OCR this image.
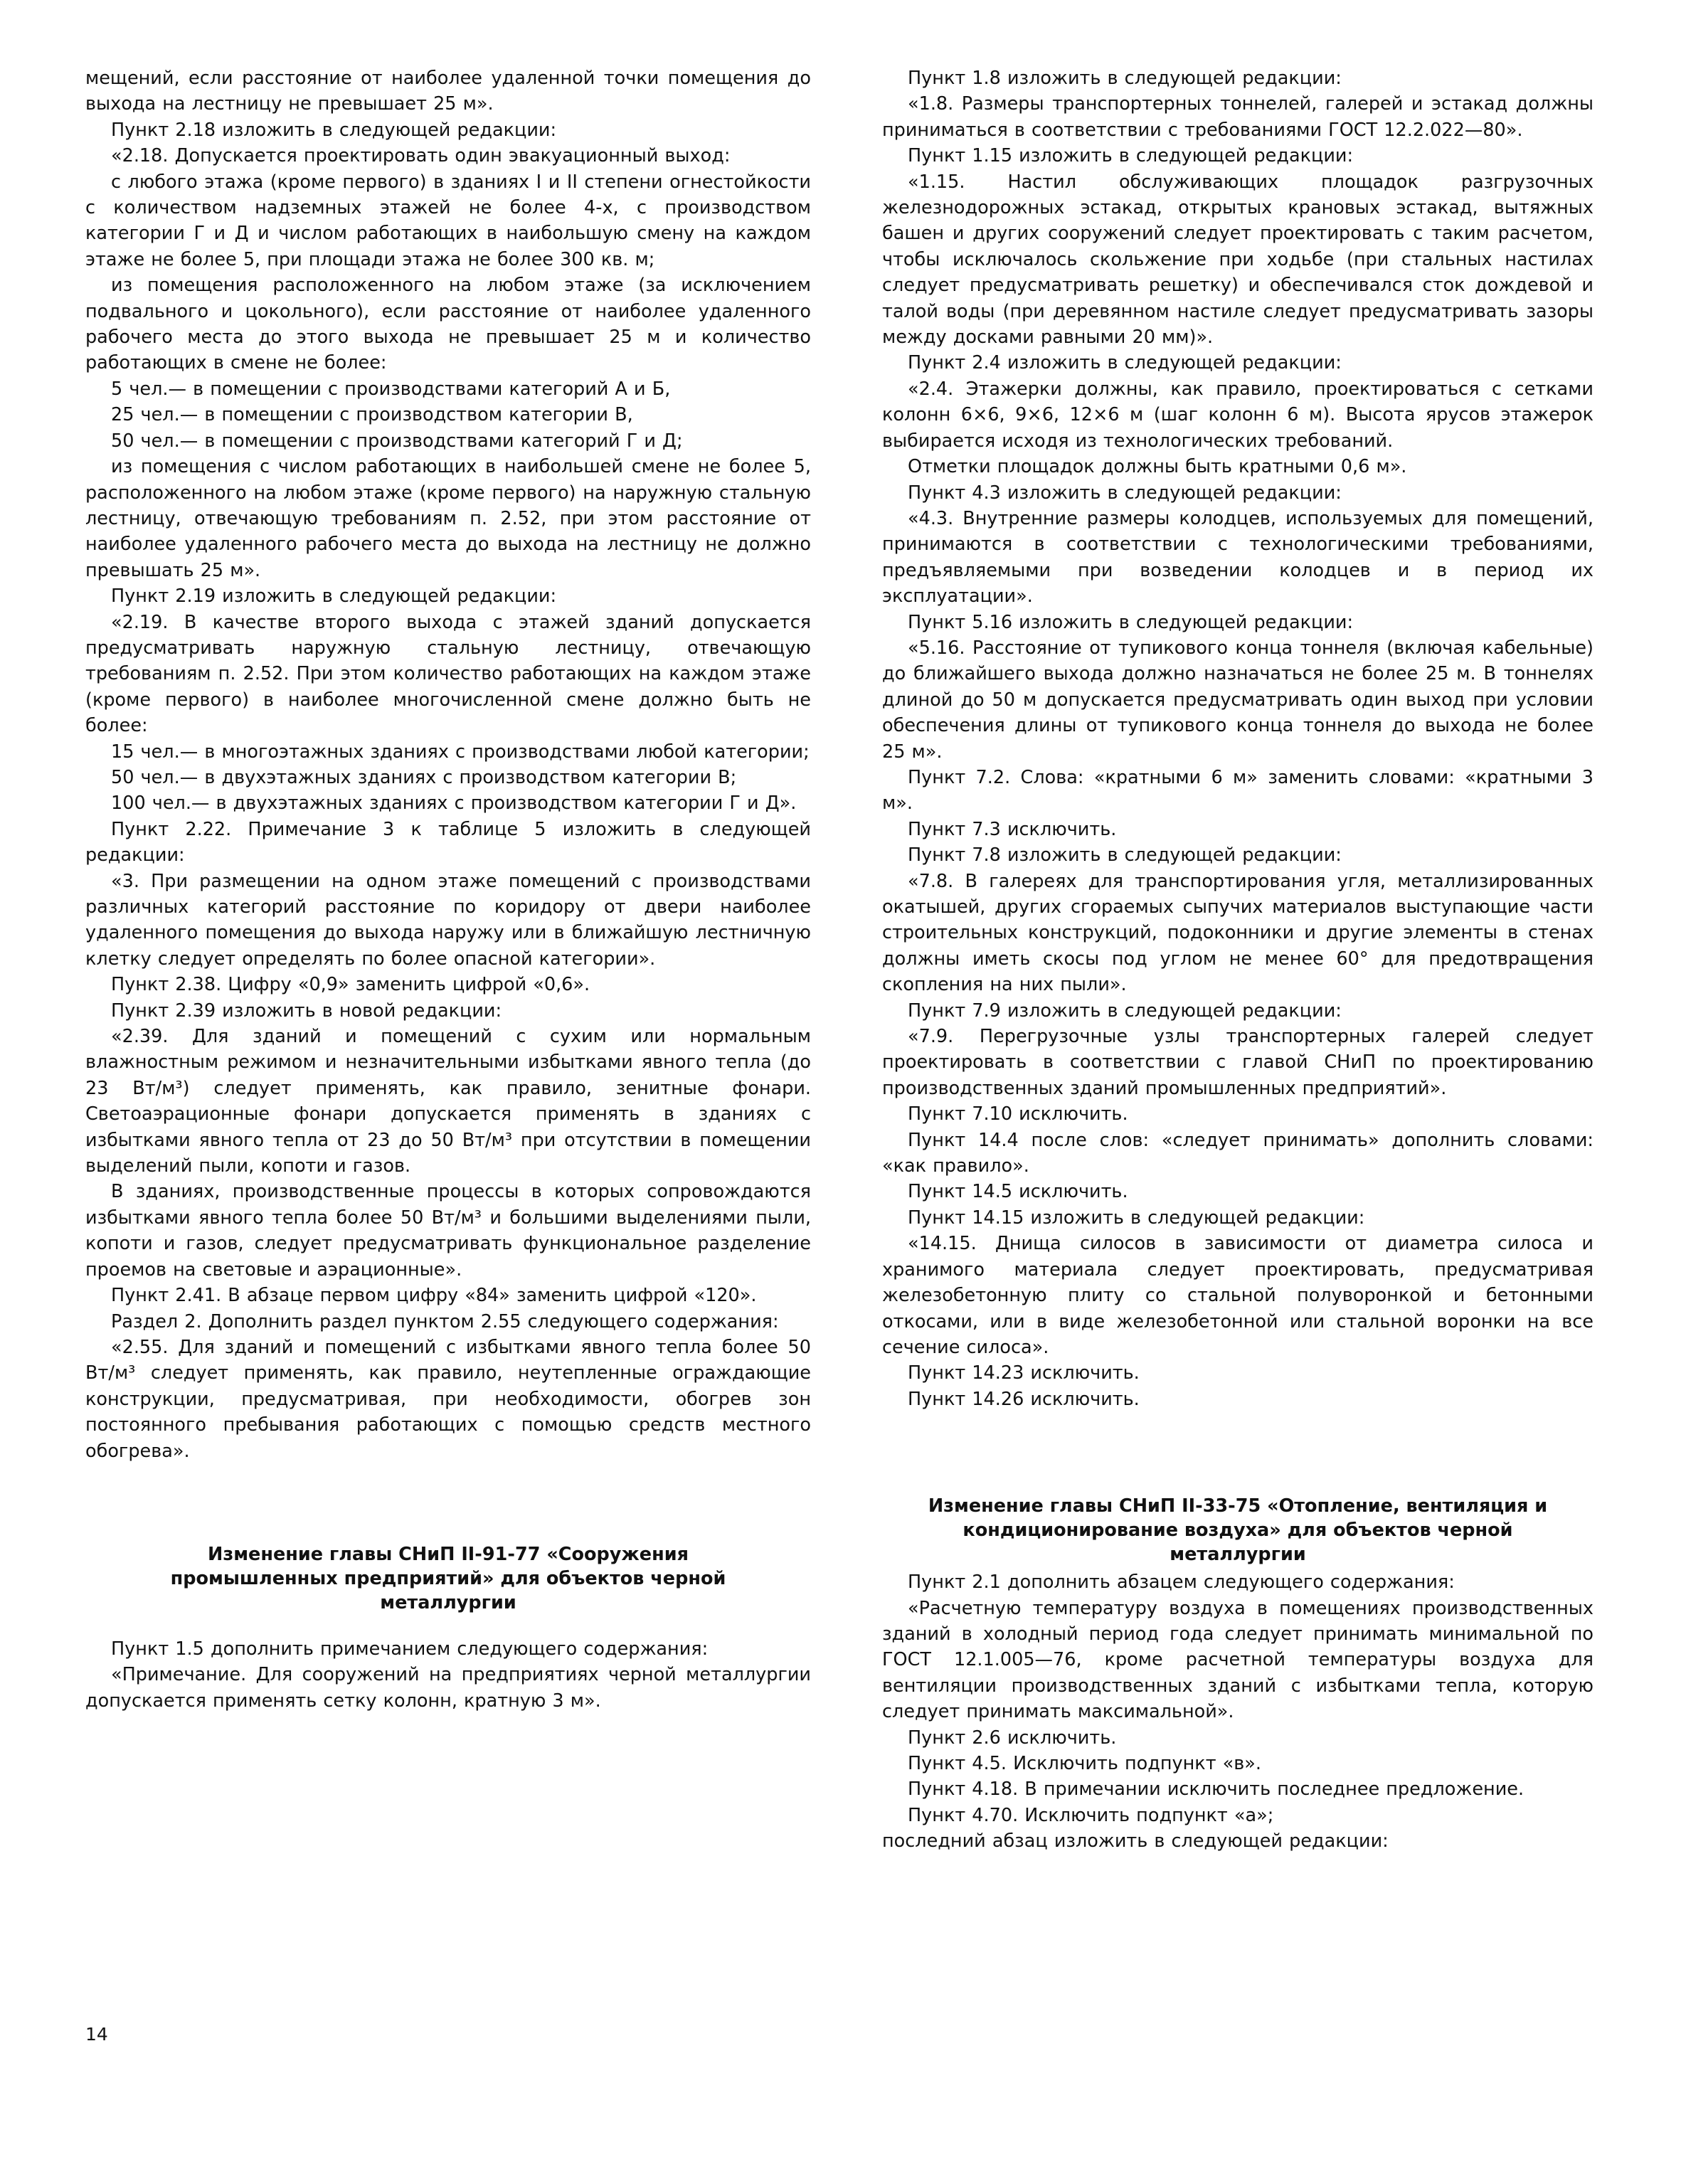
мещений, если расстояние от наиболее удаленной точки помещения до выхода на лестницу не превышает 25 м».

Пункт 2.18 изложить в следующей редакции:

«2.18. Допускается проектировать один эвакуационный выход:

с любого этажа (кроме первого) в зданиях I и II степени огнестойкости с количеством надземных этажей не более 4-х, с производством категории Г и Д и числом работающих в наибольшую смену на каждом этаже не более 5, при площади этажа не более 300 кв. м;

из помещения расположенного на любом этаже (за исключением подвального и цокольного), если расстояние от наиболее удаленного рабочего места до этого выхода не превышает 25 м и количество работающих в смене не более:

5 чел.— в помещении с производствами категорий А и Б,

25 чел.— в помещении с производством категории В,

50 чел.— в помещении с производствами категорий Г и Д;

из помещения с числом работающих в наибольшей смене не более 5, расположенного на любом этаже (кроме первого) на наружную стальную лестницу, отвечающую требованиям п. 2.52, при этом расстояние от наиболее удаленного рабочего места до выхода на лестницу не должно превышать 25 м».

Пункт 2.19 изложить в следующей редакции:

«2.19. В качестве второго выхода с этажей зданий допускается предусматривать наружную стальную лестницу, отвечающую требованиям п. 2.52. При этом количество работающих на каждом этаже (кроме первого) в наиболее многочисленной смене должно быть не более:

15 чел.— в многоэтажных зданиях с производствами любой категории;

50 чел.— в двухэтажных зданиях с производством категории В;

100 чел.— в двухэтажных зданиях с производством категории Г и Д».

Пункт 2.22. Примечание 3 к таблице 5 изложить в следующей редакции:

«3. При размещении на одном этаже помещений с производствами различных категорий расстояние по коридору от двери наиболее удаленного помещения до выхода наружу или в ближайшую лестничную клетку следует определять по более опасной категории».

Пункт 2.38. Цифру «0,9» заменить цифрой «0,6».

Пункт 2.39 изложить в новой редакции:

«2.39. Для зданий и помещений с сухим или нормальным влажностным режимом и незначительными избытками явного тепла (до 23 Вт/м³) следует применять, как правило, зенитные фонари. Светоаэрационные фонари допускается применять в зданиях с избытками явного тепла от 23 до 50 Вт/м³ при отсутствии в помещении выделений пыли, копоти и газов.

В зданиях, производственные процессы в которых сопровождаются избытками явного тепла более 50 Вт/м³ и большими выделениями пыли, копоти и газов, следует предусматривать функциональное разделение проемов на световые и аэрационные».

Пункт 2.41. В абзаце первом цифру «84» заменить цифрой «120».

Раздел 2. Дополнить раздел пунктом 2.55 следующего содержания:

«2.55. Для зданий и помещений с избытками явного тепла более 50 Вт/м³ следует применять, как правило, неутепленные ограждающие конструкции, предусматривая, при необходимости, обогрев зон постоянного пребывания работающих с помощью средств местного обогрева».

Изменение главы СНиП II-91-77 «Сооружения промышленных предприятий» для объектов черной металлургии

Пункт 1.5 дополнить примечанием следующего содержания:

«Примечание. Для сооружений на предприятиях черной металлургии допускается применять сетку колонн, кратную 3 м».

Пункт 1.8 изложить в следующей редакции:

«1.8. Размеры транспортерных тоннелей, галерей и эстакад должны приниматься в соответствии с требованиями ГОСТ 12.2.022—80».

Пункт 1.15 изложить в следующей редакции:

«1.15. Настил обслуживающих площадок разгрузочных железнодорожных эстакад, открытых крановых эстакад, вытяжных башен и других сооружений следует проектировать с таким расчетом, чтобы исключалось скольжение при ходьбе (при стальных настилах следует предусматривать решетку) и обеспечивался сток дождевой и талой воды (при деревянном настиле следует предусматривать зазоры между досками равными 20 мм)».

Пункт 2.4 изложить в следующей редакции:

«2.4. Этажерки должны, как правило, проектироваться с сетками колонн 6×6, 9×6, 12×6 м (шаг колонн 6 м). Высота ярусов этажерок выбирается исходя из технологических требований.

Отметки площадок должны быть кратными 0,6 м».

Пункт 4.3 изложить в следующей редакции:

«4.3. Внутренние размеры колодцев, используемых для помещений, принимаются в соответствии с технологическими требованиями, предъявляемыми при возведении колодцев и в период их эксплуатации».

Пункт 5.16 изложить в следующей редакции:

«5.16. Расстояние от тупикового конца тоннеля (включая кабельные) до ближайшего выхода должно назначаться не более 25 м. В тоннелях длиной до 50 м допускается предусматривать один выход при условии обеспечения длины от тупикового конца тоннеля до выхода не более 25 м».

Пункт 7.2. Слова: «кратными 6 м» заменить словами: «кратными 3 м».

Пункт 7.3 исключить.

Пункт 7.8 изложить в следующей редакции:

«7.8. В галереях для транспортирования угля, металлизированных окатышей, других сгораемых сыпучих материалов выступающие части строительных конструкций, подоконники и другие элементы в стенах должны иметь скосы под углом не менее 60° для предотвращения скопления на них пыли».

Пункт 7.9 изложить в следующей редакции:

«7.9. Перегрузочные узлы транспортерных галерей следует проектировать в соответствии с главой СНиП по проектированию производственных зданий промышленных предприятий».

Пункт 7.10 исключить.

Пункт 14.4 после слов: «следует принимать» дополнить словами: «как правило».

Пункт 14.5 исключить.

Пункт 14.15 изложить в следующей редакции:

«14.15. Днища силосов в зависимости от диаметра силоса и хранимого материала следует проектировать, предусматривая железобетонную плиту со стальной полуворонкой и бетонными откосами, или в виде железобетонной или стальной воронки на все сечение силоса».

Пункт 14.23 исключить.

Пункт 14.26 исключить.

Изменение главы СНиП II-33-75 «Отопление, вентиляция и кондиционирование воздуха» для объектов черной металлургии

Пункт 2.1 дополнить абзацем следующего содержания:

«Расчетную температуру воздуха в помещениях производственных зданий в холодный период года следует принимать минимальной по ГОСТ 12.1.005—76, кроме расчетной температуры воздуха для вентиляции производственных зданий с избытками тепла, которую следует принимать максимальной».

Пункт 2.6 исключить.

Пункт 4.5. Исключить подпункт «в».

Пункт 4.18. В примечании исключить последнее предложение.

Пункт 4.70. Исключить подпункт «а»;

последний абзац изложить в следующей редакции:

14
